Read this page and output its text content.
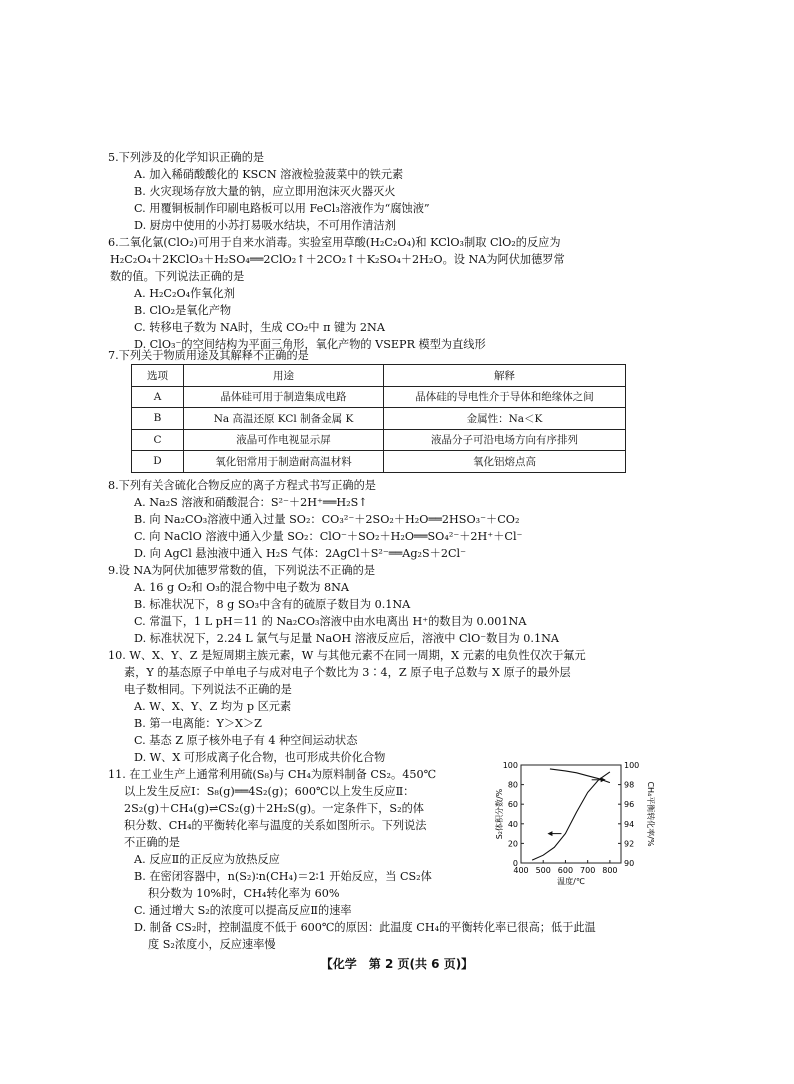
5.下列涉及的化学知识正确的是
A. 加入稀硝酸酸化的 KSCN 溶液检验菠菜中的铁元素
B. 火灾现场存放大量的钠，应立即用泡沫灭火器灭火
C. 用覆铜板制作印刷电路板可以用 FeCl₃溶液作为“腐蚀液”
D. 厨房中使用的小苏打易吸水结块，不可用作清洁剂
6.二氧化氯(ClO₂)可用于自来水消毒。实验室用草酸(H₂C₂O₄)和 KClO₃制取 ClO₂的反应为
H₂C₂O₄＋2KClO₃＋H₂SO₄══2ClO₂↑＋2CO₂↑＋K₂SO₄＋2H₂O。设 NA为阿伏加德罗常
数的值。下列说法正确的是
A. H₂C₂O₄作氧化剂
B. ClO₂是氧化产物
C. 转移电子数为 NA时，生成 CO₂中 π 键为 2NA
D. ClO₃⁻的空间结构为平面三角形，氧化产物的 VSEPR 模型为直线形
7.下列关于物质用途及其解释不正确的是
选项	用途	解释
A	晶体硅可用于制造集成电路	晶体硅的导电性介于导体和绝缘体之间
B	Na 高温还原 KCl 制备金属 K	金属性：Na＜K
C	液晶可作电视显示屏	液晶分子可沿电场方向有序排列
D	氧化铝常用于制造耐高温材料	氧化铝熔点高
8.下列有关含硫化合物反应的离子方程式书写正确的是
A. Na₂S 溶液和硝酸混合：S²⁻＋2H⁺══H₂S↑
B. 向 Na₂CO₃溶液中通入过量 SO₂：CO₃²⁻＋2SO₂＋H₂O══2HSO₃⁻＋CO₂
C. 向 NaClO 溶液中通入少量 SO₂：ClO⁻＋SO₂＋H₂O══SO₄²⁻＋2H⁺＋Cl⁻
D. 向 AgCl 悬浊液中通入 H₂S 气体：2AgCl＋S²⁻══Ag₂S＋2Cl⁻
9.设 NA为阿伏加德罗常数的值，下列说法不正确的是
A. 16 g O₂和 O₃的混合物中电子数为 8NA
B. 标准状况下，8 g SO₃中含有的硫原子数目为 0.1NA
C. 常温下，1 L pH＝11 的 Na₂CO₃溶液中由水电离出 H⁺的数目为 0.001NA
D. 标准状况下，2.24 L 氯气与足量 NaOH 溶液反应后，溶液中 ClO⁻数目为 0.1NA
10. W、X、Y、Z 是短周期主族元素，W 与其他元素不在同一周期，X 元素的电负性仅次于氟元
素，Y 的基态原子中单电子与成对电子个数比为 3∶4，Z 原子电子总数与 X 原子的最外层
电子数相同。下列说法不正确的是
A. W、X、Y、Z 均为 p 区元素
B. 第一电离能：Y＞X＞Z
C. 基态 Z 原子核外电子有 4 种空间运动状态
D. W、X 可形成离子化合物，也可形成共价化合物
11. 在工业生产上通常利用硫(S₈)与 CH₄为原料制备 CS₂。450℃
以上发生反应Ⅰ：S₈(g)══4S₂(g)；600℃以上发生反应Ⅱ：
2S₂(g)＋CH₄(g)⇌CS₂(g)＋2H₂S(g)。一定条件下，S₂的体
积分数、CH₄的平衡转化率与温度的关系如图所示。下列说法
不正确的是
A. 反应Ⅱ的正反应为放热反应
B. 在密闭容器中，n(S₂)∶n(CH₄)＝2∶1 开始反应，当 CS₂体
积分数为 10%时，CH₄转化率为 60%
C. 通过增大 S₂的浓度可以提高反应Ⅱ的速率
D. 制备 CS₂时，控制温度不低于 600℃的原因：此温度 CH₄的平衡转化率已很高；低于此温
度 S₂浓度小，反应速率慢
400 500 600 700 800
0
20
40
60
80
100
90
92
94
96
98
100
温度/℃
S₂体积分数/%	CH₄平衡转化率/%
【化学　第 2 页(共 6 页)】
